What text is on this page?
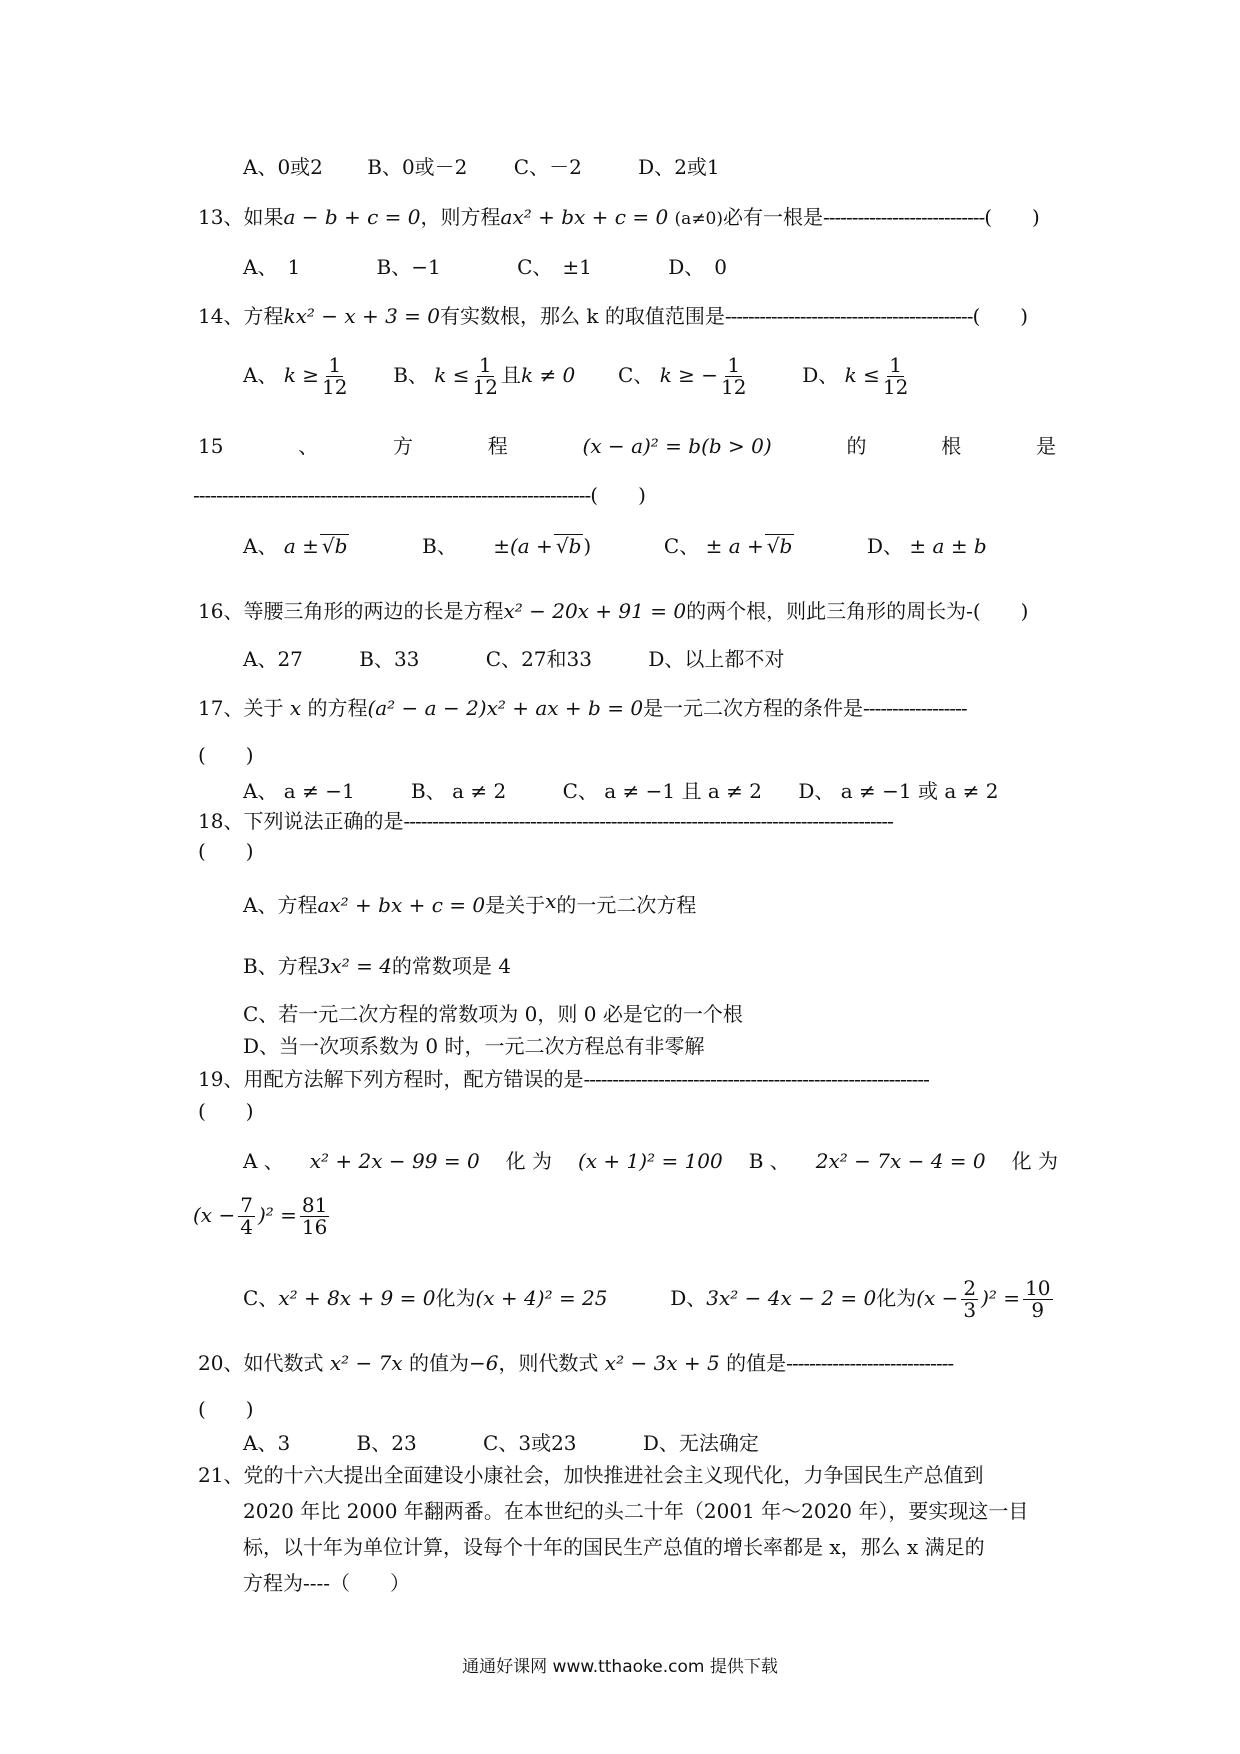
A、0或2 B、0或－2 C、－2	D、2或1
13、如果a − b + c = 0，则方程ax² + bx + c = 0 (a≠0)必有一根是----------------------------(　　)
A、　1	B、−1	C、　±1	D、　0
14、方程kx² − x + 3 = 0有实数根，那么 k 的取值范围是-------------------------------------------(　　)
A、 $k \ge \frac{1}{12}$ B、 $k \le \frac{1}{12}$ 且k ≠ 0 C、 k ≥ − $\frac{1}{12}$	D、 $k \le \frac{1}{12}$
15	、	方	程	(x − a)² = b(b > 0)	的	根	是
---------------------------------------------------------------------(　　)
A、 a ± √b	B、 ±(a + √b )	C、 ± a + √b	D、 ± a ± b
16、等腰三角形的两边的长是方程x² − 20x + 91 = 0的两个根，则此三角形的周长为-(　　)
A、27	B、33	C、27和33	D、以上都不对
17、关于 x 的方程(a² − a − 2)x² + ax + b = 0是一元二次方程的条件是------------------
(　　)
A、 a ≠ −1	B、 a ≠ 2	C、 a ≠ −1 且 a ≠ 2 D、 a ≠ −1 或 a ≠ 2
18、下列说法正确的是-------------------------------------------------------------------------------------
(　　)
A、方程ax² + bx + c = 0是关于x的一元二次方程
B、方程3x² = 4的常数项是 4
C、若一元二次方程的常数项为 0，则 0 必是它的一个根
D、当一次项系数为 0 时，一元二次方程总有非零解
19、用配方法解下列方程时，配方错误的是------------------------------------------------------------
(　　)
A 、 x² + 2x − 99 = 0 化 为 (x + 1)² = 100 B 、 2x² − 7x − 4 = 0 化 为
$(x - \frac{7}{4} )^2 = \frac{81}{16}$
C、x² + 8x + 9 = 0化为(x + 4)² = 25	D、3x² − 4x − 2 = 0化为$(x - \frac{2}{3} )^2 = \frac{10}{9}$
20、如代数式 x² − 7x 的值为−6，则代数式 x² − 3x + 5 的值是-----------------------------
(　　)
A、3	B、23	C、3或23	D、无法确定
21、党的十六大提出全面建设小康社会，加快推进社会主义现代化，力争国民生产总值到
2020 年比 2000 年翻两番。在本世纪的头二十年（2001 年～2020 年），要实现这一目
标，以十年为单位计算，设每个十年的国民生产总值的增长率都是 x，那么 x 满足的
方程为----（　　）
通通好课网 www.tthaoke.com 提供下载
